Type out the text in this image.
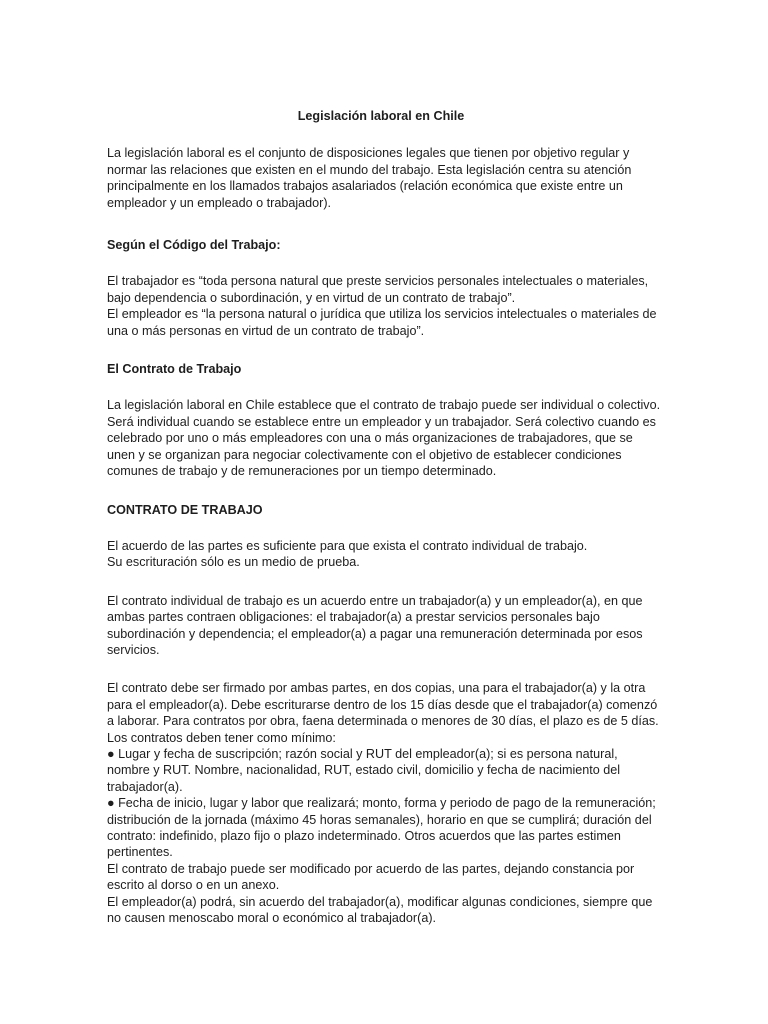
Legislación laboral en Chile

La legislación laboral es el conjunto de disposiciones legales que tienen por objetivo regular y
normar las relaciones que existen en el mundo del trabajo. Esta legislación centra su atención
principalmente en los llamados trabajos asalariados (relación económica que existe entre un
empleador y un empleado o trabajador).

Según el Código del Trabajo:

El trabajador es “toda persona natural que preste servicios personales intelectuales o materiales,
bajo dependencia o subordinación, y en virtud de un contrato de trabajo”.
El empleador es “la persona natural o jurídica que utiliza los servicios intelectuales o materiales de
una o más personas en virtud de un contrato de trabajo”.

El Contrato de Trabajo

La legislación laboral en Chile establece que el contrato de trabajo puede ser individual o colectivo.
Será individual cuando se establece entre un empleador y un trabajador. Será colectivo cuando es
celebrado por uno o más empleadores con una o más organizaciones de trabajadores, que se
unen y se organizan para negociar colectivamente con el objetivo de establecer condiciones
comunes de trabajo y de remuneraciones por un tiempo determinado.

CONTRATO DE TRABAJO

El acuerdo de las partes es suficiente para que exista el contrato individual de trabajo.
Su escrituración sólo es un medio de prueba.

El contrato individual de trabajo es un acuerdo entre un trabajador(a) y un empleador(a), en que
ambas partes contraen obligaciones: el trabajador(a) a prestar servicios personales bajo
subordinación y dependencia; el empleador(a) a pagar una remuneración determinada por esos
servicios.

El contrato debe ser firmado por ambas partes, en dos copias, una para el trabajador(a) y la otra
para el empleador(a). Debe escriturarse dentro de los 15 días desde que el trabajador(a) comenzó
a laborar. Para contratos por obra, faena determinada o menores de 30 días, el plazo es de 5 días.
Los contratos deben tener como mínimo:
● Lugar y fecha de suscripción; razón social y RUT del empleador(a); si es persona natural,
nombre y RUT. Nombre, nacionalidad, RUT, estado civil, domicilio y fecha de nacimiento del
trabajador(a).
● Fecha de inicio, lugar y labor que realizará; monto, forma y periodo de pago de la remuneración;
distribución de la jornada (máximo 45 horas semanales), horario en que se cumplirá; duración del
contrato: indefinido, plazo fijo o plazo indeterminado. Otros acuerdos que las partes estimen
pertinentes.
El contrato de trabajo puede ser modificado por acuerdo de las partes, dejando constancia por
escrito al dorso o en un anexo.
El empleador(a) podrá, sin acuerdo del trabajador(a), modificar algunas condiciones, siempre que
no causen menoscabo moral o económico al trabajador(a).
